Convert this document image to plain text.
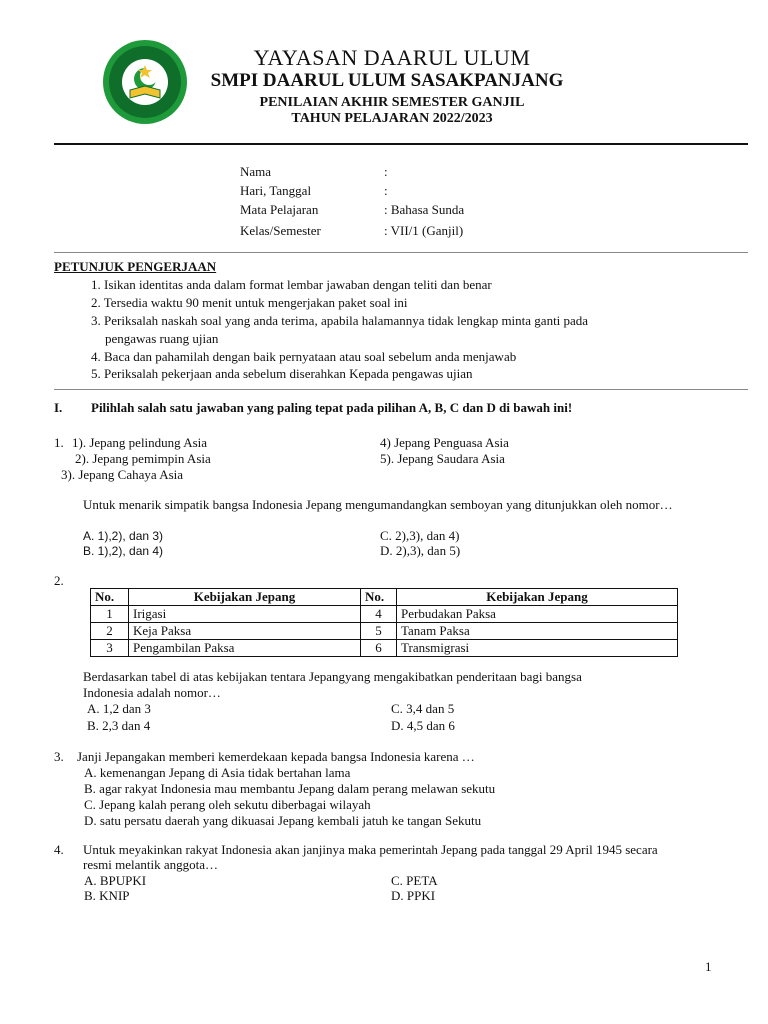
YAYASAN DAARUL ULUM
SMPI DAARUL ULUM SASAKPANJANG
PENILAIAN AKHIR SEMESTER GANJIL
TAHUN PELAJARAN 2022/2023
Nama	:
Hari, Tanggal	:
Mata Pelajaran	: Bahasa Sunda
Kelas/Semester	: VII/1 (Ganjil)
PETUNJUK PENGERJAAN
1. Isikan identitas anda dalam format lembar jawaban dengan teliti dan benar
2. Tersedia waktu 90 menit untuk mengerjakan paket soal ini
3. Periksalah naskah soal yang anda terima, apabila halamannya tidak lengkap minta ganti pada
pengawas ruang ujian
4. Baca dan pahamilah dengan baik pernyataan atau soal sebelum anda menjawab
5. Periksalah pekerjaan anda sebelum diserahkan Kepada pengawas ujian
I. Pilihlah salah satu jawaban yang paling tepat pada pilihan A, B, C dan D di bawah ini!
1. 1). Jepang pelindung Asia
2). Jepang pemimpin Asia
3). Jepang Cahaya Asia
4) Jepang Penguasa Asia
5). Jepang Saudara Asia
Untuk menarik simpatik bangsa Indonesia Jepang mengumandangkan semboyan yang ditunjukkan oleh nomor…
A. 1),2), dan 3)
B. 1),2), dan 4)
C. 2),3), dan 4)
D. 2),3), dan 5)
2.
No.	Kebijakan Jepang	No.	Kebijakan Jepang
1	Irigasi	4	Perbudakan Paksa
2	Keja Paksa	5	Tanam Paksa
3	Pengambilan Paksa	6	Transmigrasi
Berdasarkan tabel di atas kebijakan tentara Jepangyang mengakibatkan penderitaan bagi bangsa
Indonesia adalah nomor…
A. 1,2 dan 3
B. 2,3 dan 4
C. 3,4 dan 5
D. 4,5 dan 6
3. Janji Jepangakan memberi kemerdekaan kepada bangsa Indonesia karena …
A. kemenangan Jepang di Asia tidak bertahan lama
B. agar rakyat Indonesia mau membantu Jepang dalam perang melawan sekutu
C. Jepang kalah perang oleh sekutu diberbagai wilayah
D. satu persatu daerah yang dikuasai Jepang kembali jatuh ke tangan Sekutu
4. Untuk meyakinkan rakyat Indonesia akan janjinya maka pemerintah Jepang pada tanggal 29 April 1945 secara
resmi melantik anggota…
A. BPUPKI
B. KNIP
C. PETA
D. PPKI
1
